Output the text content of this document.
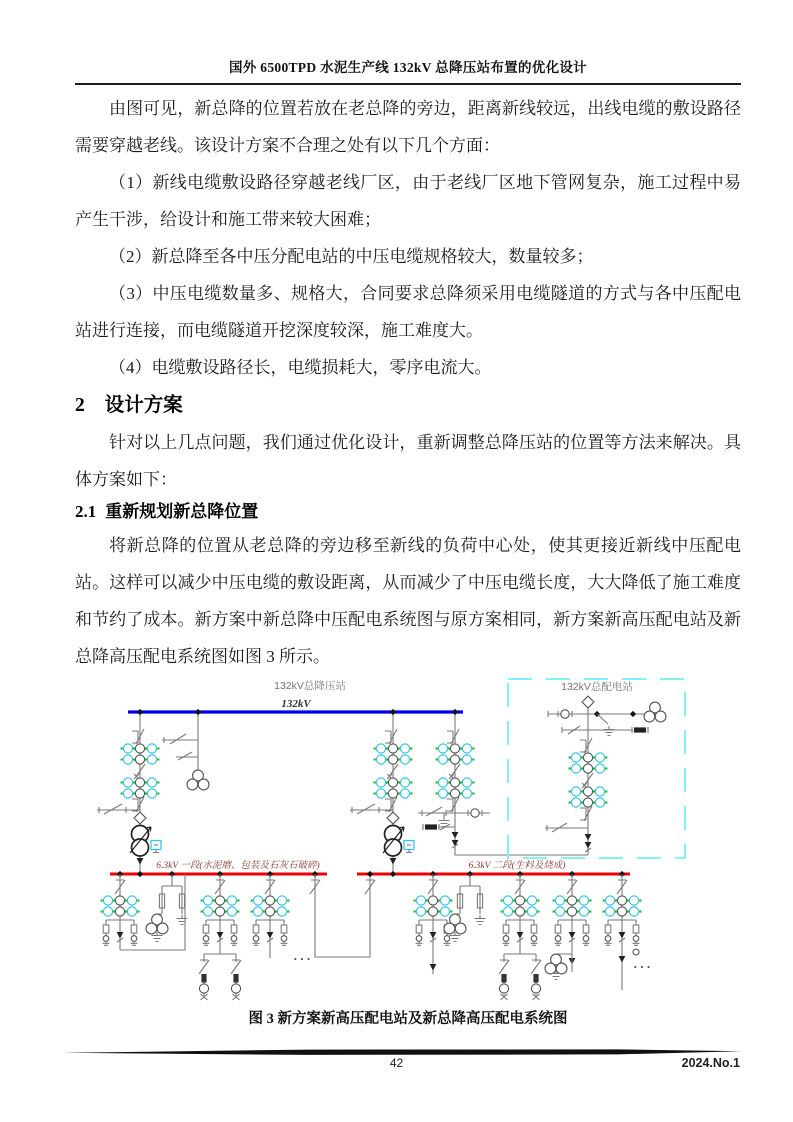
国外 6500TPD 水泥生产线 132kV 总降压站布置的优化设计

由图可见，新总降的位置若放在老总降的旁边，距离新线较远，出线电缆的敷设路径需要穿越老线。该设计方案不合理之处有以下几个方面：

（1）新线电缆敷设路径穿越老线厂区，由于老线厂区地下管网复杂，施工过程中易产生干涉，给设计和施工带来较大困难；

（2）新总降至各中压分配电站的中压电缆规格较大，数量较多；

（3）中压电缆数量多、规格大，合同要求总降须采用电缆隧道的方式与各中压配电站进行连接，而电缆隧道开挖深度较深，施工难度大。

（4）电缆敷设路径长，电缆损耗大，零序电流大。

2 设计方案

针对以上几点问题，我们通过优化设计，重新调整总降压站的位置等方法来解决。具体方案如下：

2.1 重新规划新总降位置

将新总降的位置从老总降的旁边移至新线的负荷中心处，使其更接近新线中压配电站。这样可以减少中压电缆的敷设距离，从而减少了中压电缆长度，大大降低了施工难度和节约了成本。新方案中新总降中压配电系统图与原方案相同，新方案新高压配电站及新总降高压配电系统图如图 3 所示。

132kV总降压站
132kV
132kV总配电站
6.3kV 一段(水泥磨、包装及石灰石破碎)
...
6.3kV 二段(生料及烧成)
...
图 3 新方案新高压配电站及新总降高压配电系统图
42	2024.No.1
